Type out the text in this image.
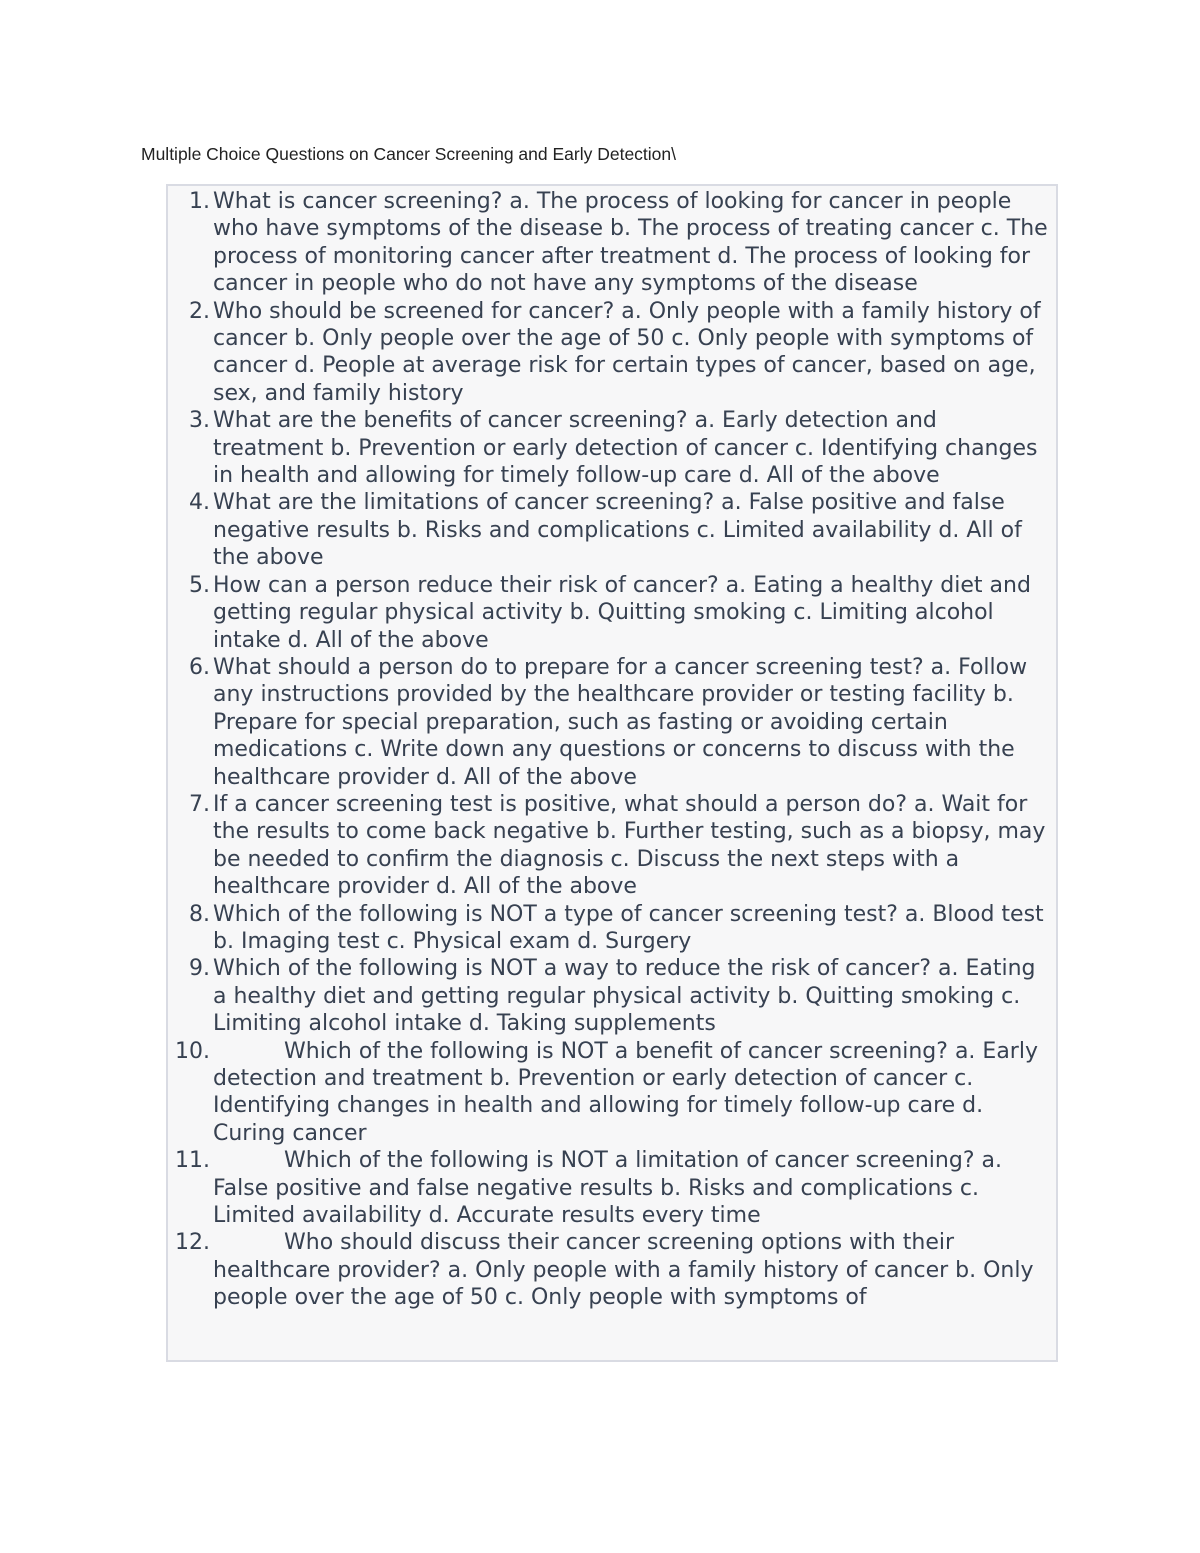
Multiple Choice Questions on Cancer Screening and Early Detection\
1. What is cancer screening? a. The process of looking for cancer in people who have symptoms of the disease b. The process of treating cancer c. The process of monitoring cancer after treatment d. The process of looking for cancer in people who do not have any symptoms of the disease
2. Who should be screened for cancer? a. Only people with a family history of cancer b. Only people over the age of 50 c. Only people with symptoms of cancer d. People at average risk for certain types of cancer, based on age, sex, and family history
3. What are the benefits of cancer screening? a. Early detection and treatment b. Prevention or early detection of cancer c. Identifying changes in health and allowing for timely follow-up care d. All of the above
4. What are the limitations of cancer screening? a. False positive and false negative results b. Risks and complications c. Limited availability d. All of the above
5. How can a person reduce their risk of cancer? a. Eating a healthy diet and getting regular physical activity b. Quitting smoking c. Limiting alcohol intake d. All of the above
6. What should a person do to prepare for a cancer screening test? a. Follow any instructions provided by the healthcare provider or testing facility b. Prepare for special preparation, such as fasting or avoiding certain medications c. Write down any questions or concerns to discuss with the healthcare provider d. All of the above
7. If a cancer screening test is positive, what should a person do? a. Wait for the results to come back negative b. Further testing, such as a biopsy, may be needed to confirm the diagnosis c. Discuss the next steps with a healthcare provider d. All of the above
8. Which of the following is NOT a type of cancer screening test? a. Blood test b. Imaging test c. Physical exam d. Surgery
9. Which of the following is NOT a way to reduce the risk of cancer? a. Eating a healthy diet and getting regular physical activity b. Quitting smoking c. Limiting alcohol intake d. Taking supplements
10.	Which of the following is NOT a benefit of cancer screening? a. Early detection and treatment b. Prevention or early detection of cancer c. Identifying changes in health and allowing for timely follow-up care d. Curing cancer
11.	Which of the following is NOT a limitation of cancer screening? a. False positive and false negative results b. Risks and complications c. Limited availability d. Accurate results every time
12.	Who should discuss their cancer screening options with their healthcare provider? a. Only people with a family history of cancer b. Only people over the age of 50 c. Only people with symptoms of
